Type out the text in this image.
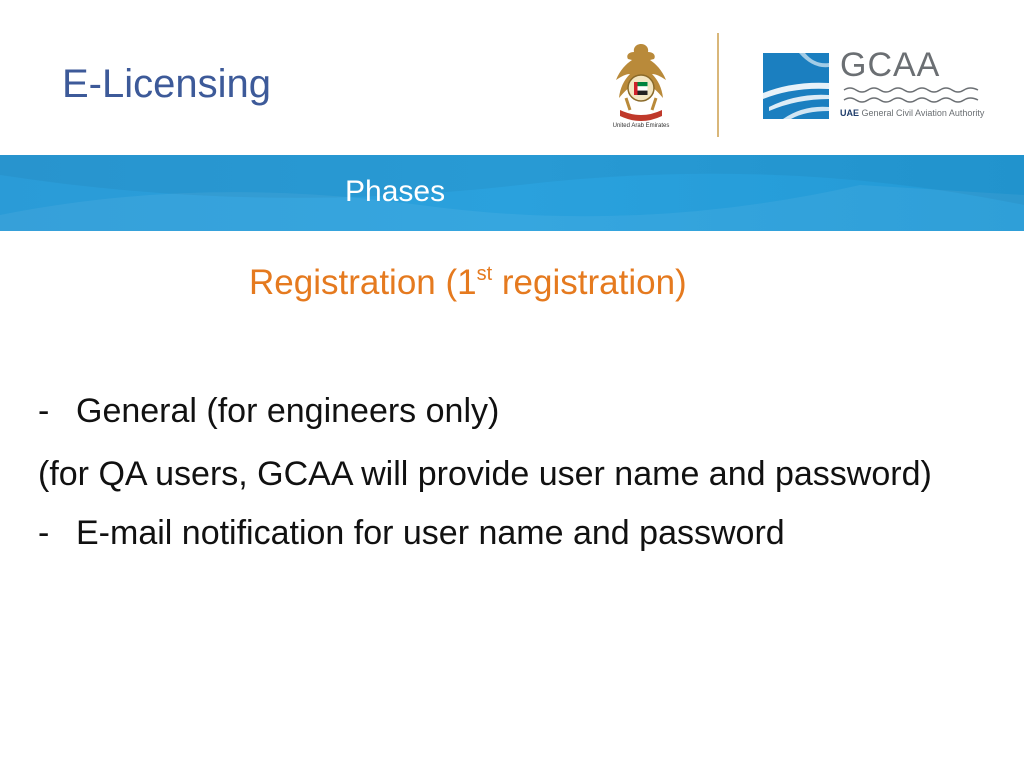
E-Licensing
United Arab Emirates
GCAA
UAE General Civil Aviation Authority
Phases
Registration (1st registration)
- General (for engineers only)
(for QA users, GCAA will provide user name and password)
- E-mail notification for user name and password
